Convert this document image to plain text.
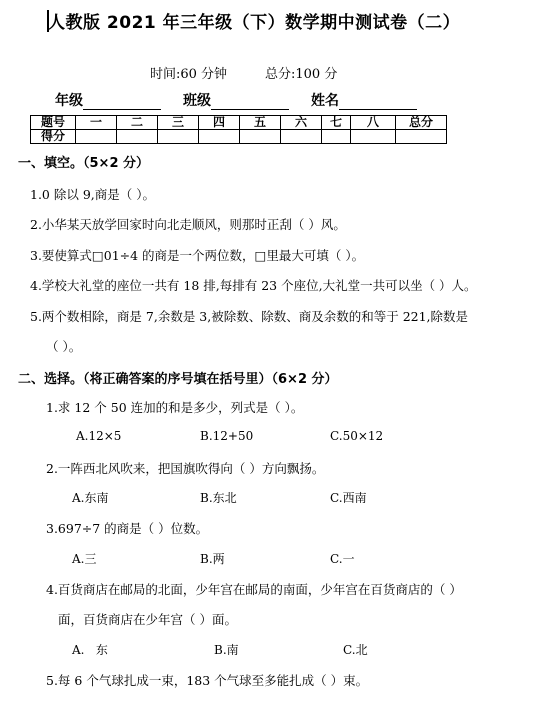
人教版 2021 年三年级（下）数学期中测试卷（二）
时间:60 分钟	总分:100 分
年级	班级	姓名
题号	一	二	三	四	五	六	七	八	总分
得分									
一、填空。（5×2 分）
1.0 除以 9,商是（ ）。
2.小华某天放学回家时向北走顺风，则那时正刮（ ）风。
3.要使算式□01÷4 的商是一个两位数，□里最大可填（ ）。
4.学校大礼堂的座位一共有 18 排,每排有 23 个座位,大礼堂一共可以坐（ ）人。
5.两个数相除，商是 7,余数是 3,被除数、除数、商及余数的和等于 221,除数是
（ ）。
二、选择。（将正确答案的序号填在括号里）（6×2 分）
1.求 12 个 50 连加的和是多少，列式是（ ）。
A.12×5	B.12+50	C.50×12
2.一阵西北风吹来，把国旗吹得向（ ）方向飘扬。
A.东南	B.东北	C.西南
3.697÷7 的商是（ ）位数。
A.三	B.两	C.一
4.百货商店在邮局的北面，少年宫在邮局的南面，少年宫在百货商店的（ ）
面，百货商店在少年宫（ ）面。
A.   东	B.南	C.北
5.每 6 个气球扎成一束，183 个气球至多能扎成（ ）束。
